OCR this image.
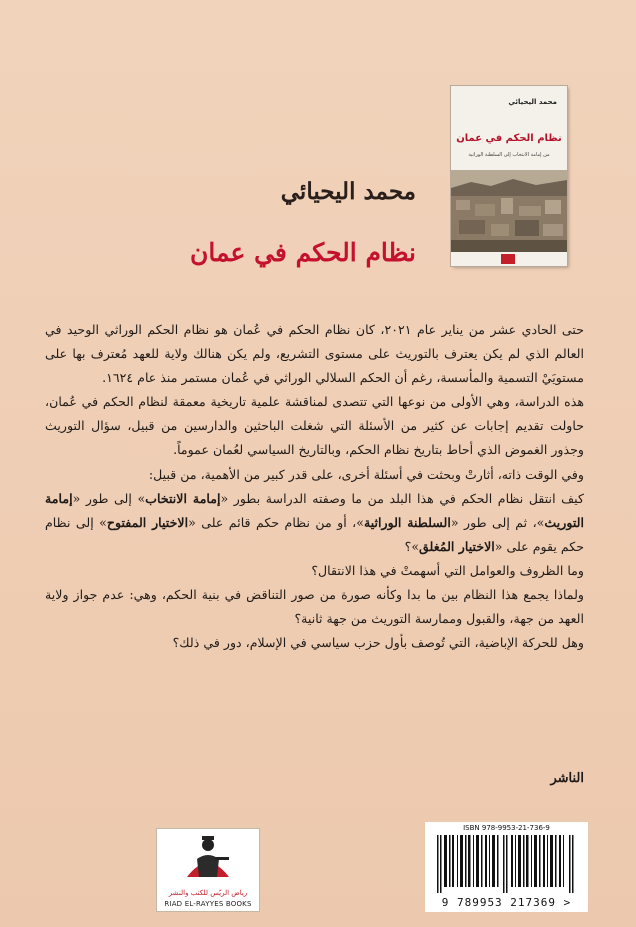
محمد اليحيائي
نظام الحكم في عمان
من إمامة الانتخاب إلى السلطنة الوراثية
محمد اليحيائي
نظام الحكم في عمان

حتى الحادي عشر من يناير عام ٢٠٢١، كان نظام الحكم في عُمان هو نظام الحكم الوراثي الوحيد في العالم الذي لم يكن يعترف بالتوريث على مستوى التشريع، ولم يكن هنالك ولاية للعهد مُعترف بها على مستويَيْ التسمية والمأسسة، رغم أن الحكم السلالي الوراثي في عُمان مستمر منذ عام ١٦٢٤.

هذه الدراسة، وهي الأولى من نوعها التي تتصدى لمناقشة علمية تاريخية معمقة لنظام الحكم في عُمان، حاولت تقديم إجابات عن كثير من الأسئلة التي شغلت الباحثين والدارسين من قبيل، سؤال التوريث وجذور الغموض الذي أحاط بتاريخ نظام الحكم، وبالتاريخ السياسي لعُمان عموماً.

وفي الوقت ذاته، أثارتْ وبحثت في أسئلة أخرى، على قدر كبير من الأهمية، من قبيل:

كيف انتقل نظام الحكم في هذا البلد من ما وصفته الدراسة بطور «إمامة الانتخاب» إلى طور «إمامة التوريث»، ثم إلى طور «السلطنة الوراثية»، أو من نظام حكم قائم على «الاختيار المفتوح» إلى نظام حكم يقوم على «الاختيار المُغلق»؟

وما الظروف والعوامل التي أسهمتْ في هذا الانتقال؟

ولماذا يجمع هذا النظام بين ما بدا وكأنه صورة من صور التناقض في بنية الحكم، وهي: عدم جواز ولاية العهد من جهة، والقبول وممارسة التوريث من جهة ثانية؟

وهل للحركة الإباضية، التي تُوصف بأول حزب سياسي في الإسلام، دور في ذلك؟

الناشر
رياض الريّس للكتب والنشر
RIAD EL-RAYYES BOOKS
ISBN 978-9953-21-736-9
9 789953 217369 >
